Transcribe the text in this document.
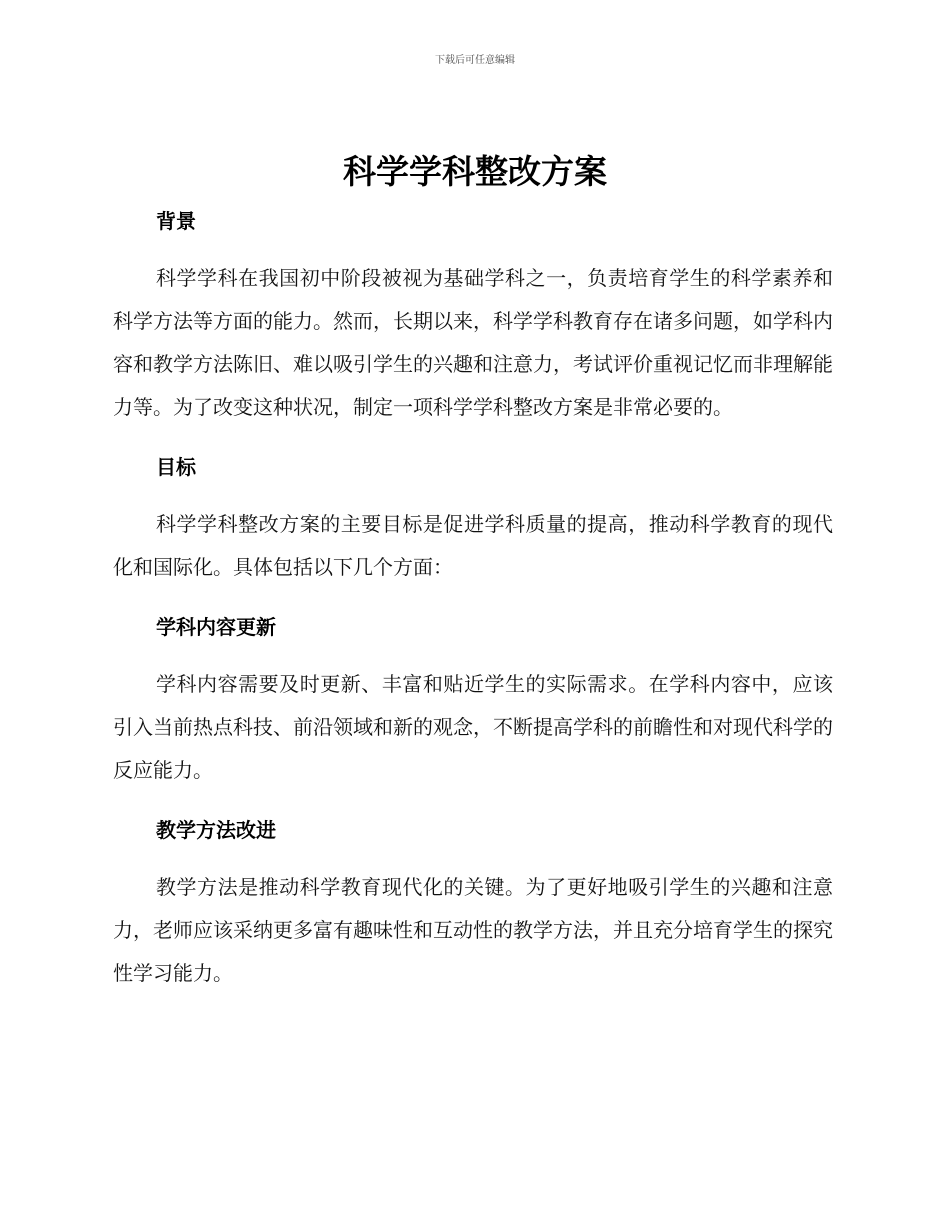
下载后可任意编辑
科学学科整改方案
背景

科学学科在我国初中阶段被视为基础学科之一，负责培育学生的科学素养和科学方法等方面的能力。然而，长期以来，科学学科教育存在诸多问题，如学科内容和教学方法陈旧、难以吸引学生的兴趣和注意力，考试评价重视记忆而非理解能力等。为了改变这种状况，制定一项科学学科整改方案是非常必要的。

目标

科学学科整改方案的主要目标是促进学科质量的提高，推动科学教育的现代化和国际化。具体包括以下几个方面：

学科内容更新

学科内容需要及时更新、丰富和贴近学生的实际需求。在学科内容中，应该引入当前热点科技、前沿领域和新的观念，不断提高学科的前瞻性和对现代科学的反应能力。

教学方法改进

教学方法是推动科学教育现代化的关键。为了更好地吸引学生的兴趣和注意力，老师应该采纳更多富有趣味性和互动性的教学方法，并且充分培育学生的探究性学习能力。
